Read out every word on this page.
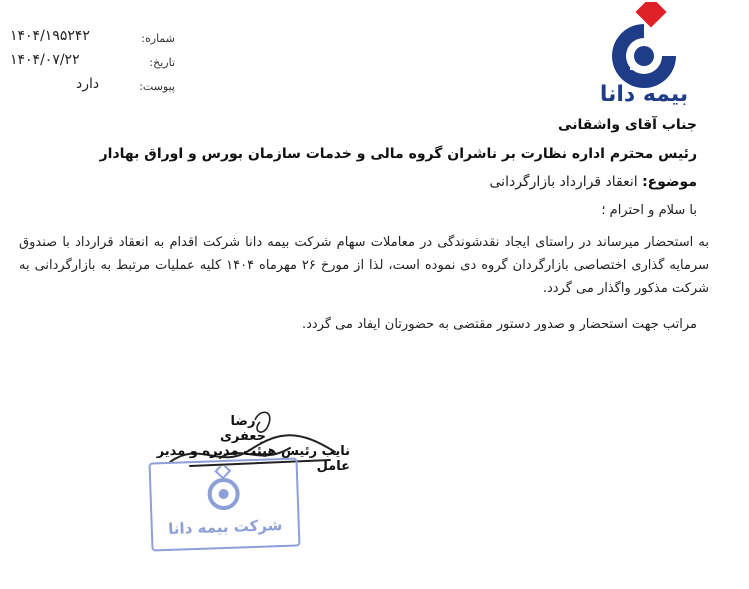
بیمه دانا
شماره:
۱۴۰۴/۱۹۵۲۴۲
تاریخ:
۱۴۰۴/۰۷/۲۲
پیوست:
دارد
جناب آقای واشقانی
رئیس محترم اداره نظارت بر ناشران گروه مالی و خدمات سازمان بورس و اوراق بهادار
موضوع: انعقاد قرارداد بازارگردانی
با سلام و احترام ؛
به استحضار میرساند در راستای ایجاد نقدشوندگی در معاملات سهام شرکت بیمه دانا شرکت اقدام به انعقاد قرارداد با صندوق سرمایه گذاری اختصاصی بازارگردان گروه دی نموده است، لذا از مورخ ۲۶ مهرماه ۱۴۰۴ کلیه عملیات مرتبط به بازارگردانی به شرکت مذکور واگذار می گردد.
مراتب جهت استحضار و صدور دستور مقتضی به حضورتان ایفاد می گردد.
رضا جعفری
نایب رئیس هیئت مدیره و مدیر عامل
شرکت بیمه دانا
